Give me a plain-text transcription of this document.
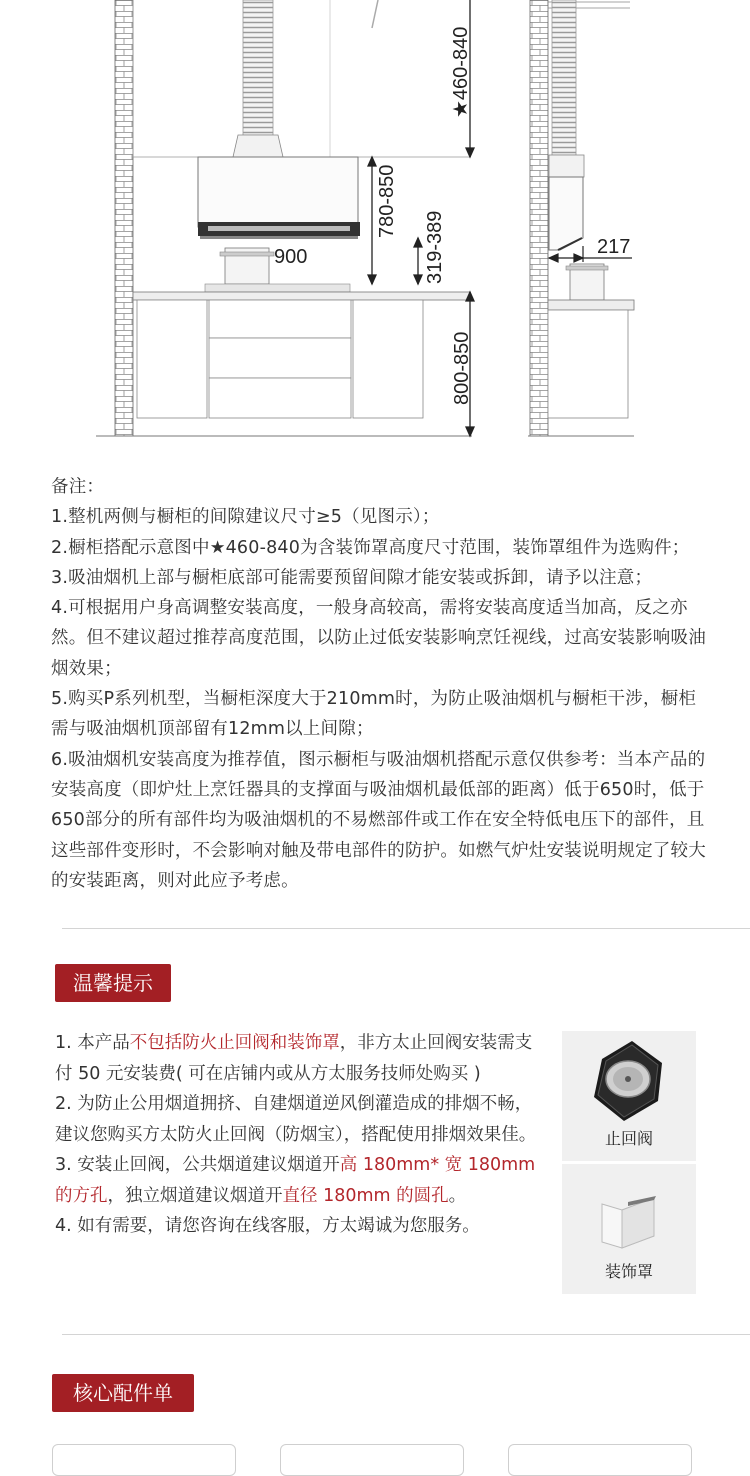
★460-840
780-850
319-389
800-850
900	217

备注：

1.整机两侧与橱柜的间隙建议尺寸≥5（见图示）；

2.橱柜搭配示意图中★460-840为含装饰罩高度尺寸范围，装饰罩组件为选购件；

3.吸油烟机上部与橱柜底部可能需要预留间隙才能安装或拆卸，请予以注意；

4.可根据用户身高调整安装高度，一般身高较高，需将安装高度适当加高，反之亦然。但不建议超过推荐高度范围，以防止过低安装影响烹饪视线，过高安装影响吸油烟效果；

5.购买P系列机型，当橱柜深度大于210mm时，为防止吸油烟机与橱柜干涉，橱柜需与吸油烟机顶部留有12mm以上间隙；

6.吸油烟机安装高度为推荐值，图示橱柜与吸油烟机搭配示意仅供参考：当本产品的安装高度（即炉灶上烹饪器具的支撑面与吸油烟机最低部的距离）低于650时，低于650部分的所有部件均为吸油烟机的不易燃部件或工作在安全特低电压下的部件，且这些部件变形时，不会影响对触及带电部件的防护。如燃气炉灶安装说明规定了较大的安装距离，则对此应予考虑。

温馨提示

1. 本产品不包括防火止回阀和装饰罩，非方太止回阀安装需支付 50 元安装费( 可在店铺内或从方太服务技师处购买 )

2. 为防止公用烟道拥挤、自建烟道逆风倒灌造成的排烟不畅，建议您购买方太防火止回阀（防烟宝），搭配使用排烟效果佳。

3. 安装止回阀，公共烟道建议烟道开高 180mm* 宽 180mm 的方孔，独立烟道建议烟道开直径 180mm 的圆孔。

4. 如有需要，请您咨询在线客服，方太竭诚为您服务。

止回阀
装饰罩
核心配件单
